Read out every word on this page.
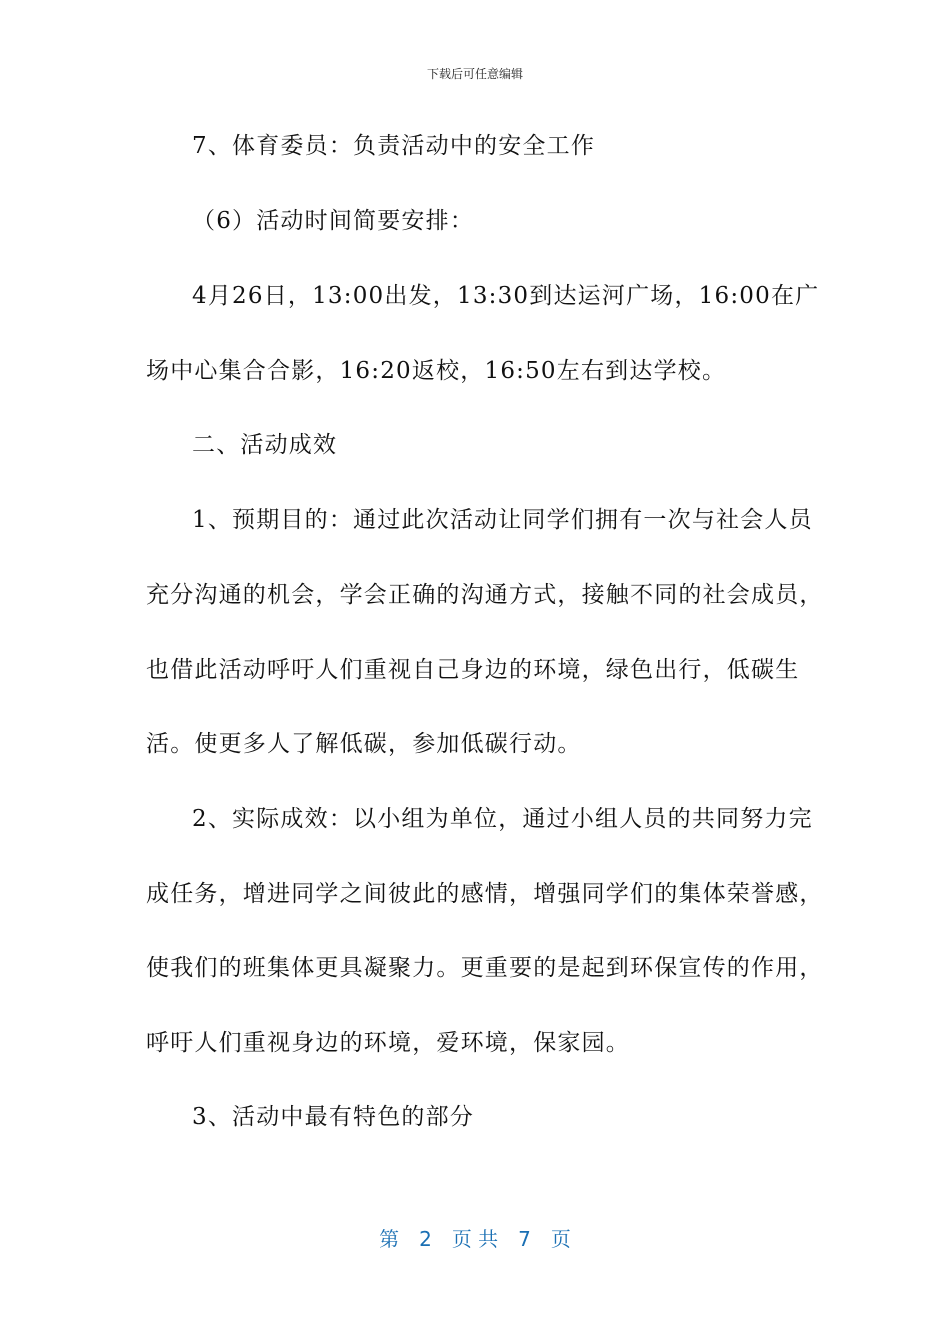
下载后可任意编辑
7、体育委员：负责活动中的安全工作
（6）活动时间简要安排：
4月26日，13:00出发，13:30到达运河广场，16:00在广
场中心集合合影，16:20返校，16:50左右到达学校。
二、活动成效
1、预期目的：通过此次活动让同学们拥有一次与社会人员
充分沟通的机会，学会正确的沟通方式，接触不同的社会成员，
也借此活动呼吁人们重视自己身边的环境，绿色出行，低碳生
活。使更多人了解低碳，参加低碳行动。
2、实际成效：以小组为单位，通过小组人员的共同努力完
成任务，增进同学之间彼此的感情，增强同学们的集体荣誉感，
使我们的班集体更具凝聚力。更重要的是起到环保宣传的作用，
呼吁人们重视身边的环境，爱环境，保家园。
3、活动中最有特色的部分
第 2 页 共 7 页
